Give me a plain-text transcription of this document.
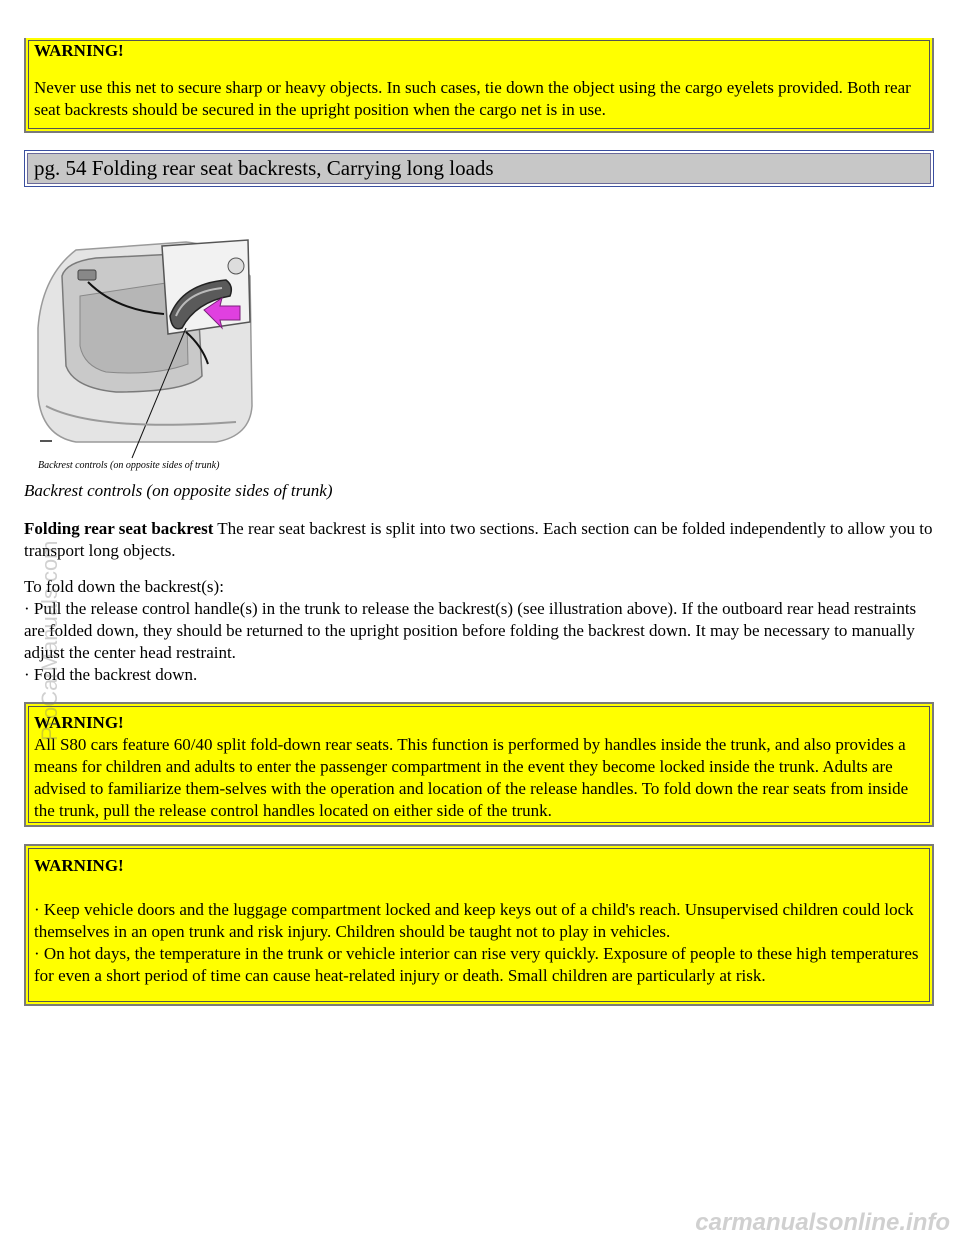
WARNING!

Never use this net to secure sharp or heavy objects. In such cases, tie down the object using the cargo eyelets provided. Both rear seat backrests should be secured in the upright position when the cargo net is in use.

pg. 54 Folding rear seat backrests, Carrying long loads
Backrest controls (on opposite sides of trunk)
Backrest controls (on opposite sides of trunk)
Folding rear seat backrest The rear seat backrest is split into two sections. Each section can be folded independently to allow you to transport long objects.
To fold down the backrest(s):
· Pull the release control handle(s) in the trunk to release the backrest(s) (see illustration above). If the outboard rear head restraints are folded down, they should be returned to the upright position before folding the backrest down. It may be necessary to manually adjust the center head restraint.
· Fold the backrest down.

WARNING!

All S80 cars feature 60/40 split fold-down rear seats. This function is performed by handles inside the trunk, and also provides a means for children and adults to enter the passenger compartment in the event they become locked inside the trunk. Adults are advised to familiarize them-selves with the operation and location of the release handles. To fold down the rear seats from inside the trunk, pull the release control handles located on either side of the trunk.

WARNING!

· Keep vehicle doors and the luggage compartment locked and keep keys out of a child's reach. Unsupervised children could lock themselves in an open trunk and risk injury. Children should be taught not to play in vehicles.

· On hot days, the temperature in the trunk or vehicle interior can rise very quickly. Exposure of people to these high temperatures for even a short period of time can cause heat-related injury or death. Small children are particularly at risk.

ProCarManuals.com
carmanualsonline.info
